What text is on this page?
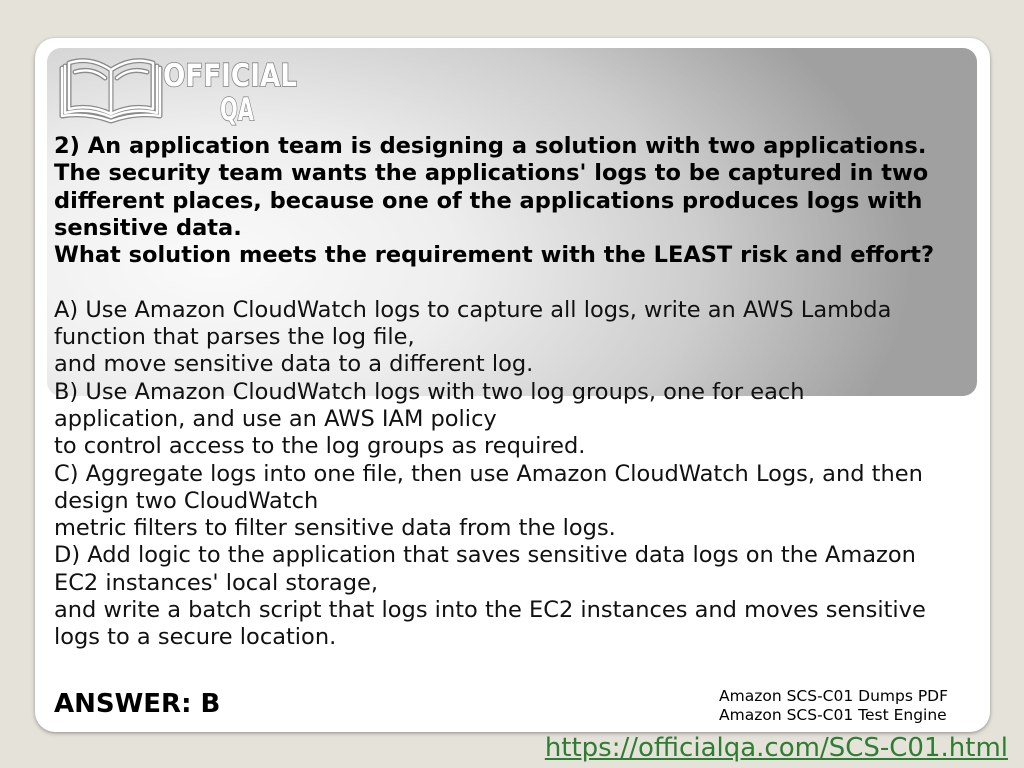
OFFICIAL
QA
2) An application team is designing a solution with two applications.
The security team wants the applications' logs to be captured in two
different places, because one of the applications produces logs with
sensitive data.
What solution meets the requirement with the LEAST risk and effort?
A) Use Amazon CloudWatch logs to capture all logs, write an AWS Lambda
function that parses the log file,
and move sensitive data to a different log.
B) Use Amazon CloudWatch logs with two log groups, one for each
application, and use an AWS IAM policy
to control access to the log groups as required.
C) Aggregate logs into one file, then use Amazon CloudWatch Logs, and then
design two CloudWatch
metric filters to filter sensitive data from the logs.
D) Add logic to the application that saves sensitive data logs on the Amazon
EC2 instances' local storage,
and write a batch script that logs into the EC2 instances and moves sensitive
logs to a secure location.
ANSWER: B	Amazon SCS-C01 Dumps PDF
Amazon SCS-C01 Test Engine
https://officialqa.com/SCS-C01.html
